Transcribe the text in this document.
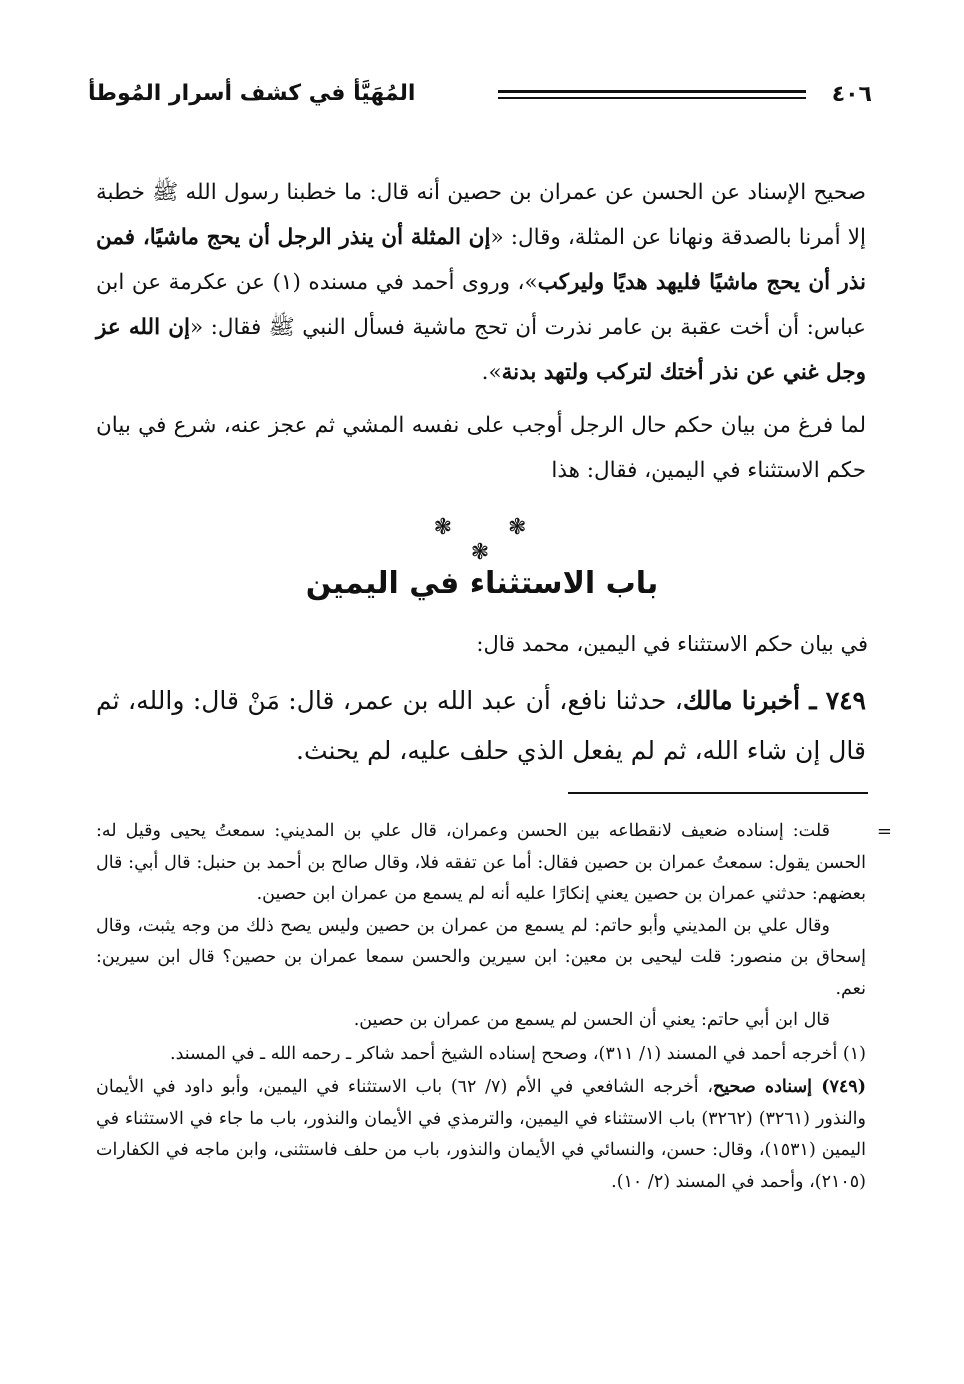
٤٠٦
المُهَيَّأ في كشف أسرار المُوطأ

صحيح الإسناد عن الحسن عن عمران بن حصين أنه قال: ما خطبنا رسول الله ﷺ خطبة إلا أمرنا بالصدقة ونهانا عن المثلة، وقال: «إن المثلة أن ينذر الرجل أن يحج ماشيًا، فمن نذر أن يحج ماشيًا فليهد هديًا وليركب»، وروى أحمد في مسنده (١) عن عكرمة عن ابن عباس: أن أخت عقبة بن عامر نذرت أن تحج ماشية فسأل النبي ﷺ فقال: «إن الله عز وجل غني عن نذر أختك لتركب ولتهد بدنة».

لما فرغ من بيان حكم حال الرجل أوجب على نفسه المشي ثم عجز عنه، شرع في بيان حكم الاستثناء في اليمين، فقال: هذا

❃❃❃
باب الاستثناء في اليمين
في بيان حكم الاستثناء في اليمين، محمد قال:

٧٤٩ ـ أخبرنا مالك، حدثنا نافع، أن عبد الله بن عمر، قال: مَنْ قال: والله، ثم قال إن شاء الله، ثم لم يفعل الذي حلف عليه، لم يحنث.

=

قلت: إسناده ضعيف لانقطاعه بين الحسن وعمران، قال علي بن المديني: سمعتُ يحيى وقيل له: الحسن يقول: سمعتُ عمران بن حصين فقال: أما عن تفقه فلا، وقال صالح بن أحمد بن حنبل: قال أبي: قال بعضهم: حدثني عمران بن حصين يعني إنكارًا عليه أنه لم يسمع من عمران ابن حصين.

وقال علي بن المديني وأبو حاتم: لم يسمع من عمران بن حصين وليس يصح ذلك من وجه يثبت، وقال إسحاق بن منصور: قلت ليحيى بن معين: ابن سيرين والحسن سمعا عمران بن حصين؟ قال ابن سيرين: نعم.

قال ابن أبي حاتم: يعني أن الحسن لم يسمع من عمران بن حصين.

(١) أخرجه أحمد في المسند (١/ ٣١١)، وصحح إسناده الشيخ أحمد شاكر ـ رحمه الله ـ في المسند.

(٧٤٩) إسناده صحيح، أخرجه الشافعي في الأم (٧/ ٦٢) باب الاستثناء في اليمين، وأبو داود في الأيمان والنذور (٣٢٦١) (٣٢٦٢) باب الاستثناء في اليمين، والترمذي في الأيمان والنذور، باب ما جاء في الاستثناء في اليمين (١٥٣١)، وقال: حسن، والنسائي في الأيمان والنذور، باب من حلف فاستثنى، وابن ماجه في الكفارات (٢١٠٥)، وأحمد في المسند (٢/ ١٠).
